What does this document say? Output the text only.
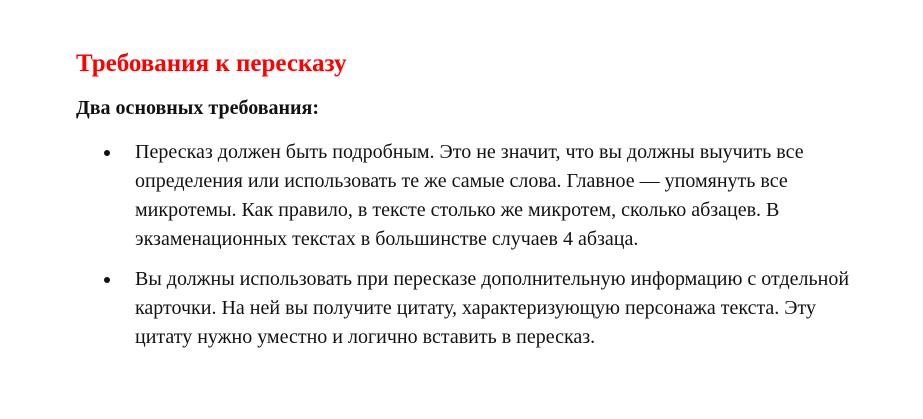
Требования к пересказу
Два основных требования:
Пересказ должен быть подробным. Это не значит, что вы должны выучить все определения или использовать те же самые слова. Главное — упомянуть все микротемы. Как правило, в тексте столько же микротем, сколько абзацев. В экзаменационных текстах в большинстве случаев 4 абзаца.
Вы должны использовать при пересказе дополнительную информацию с отдельной карточки. На ней вы получите цитату, характеризующую персонажа текста. Эту цитату нужно уместно и логично вставить в пересказ.
